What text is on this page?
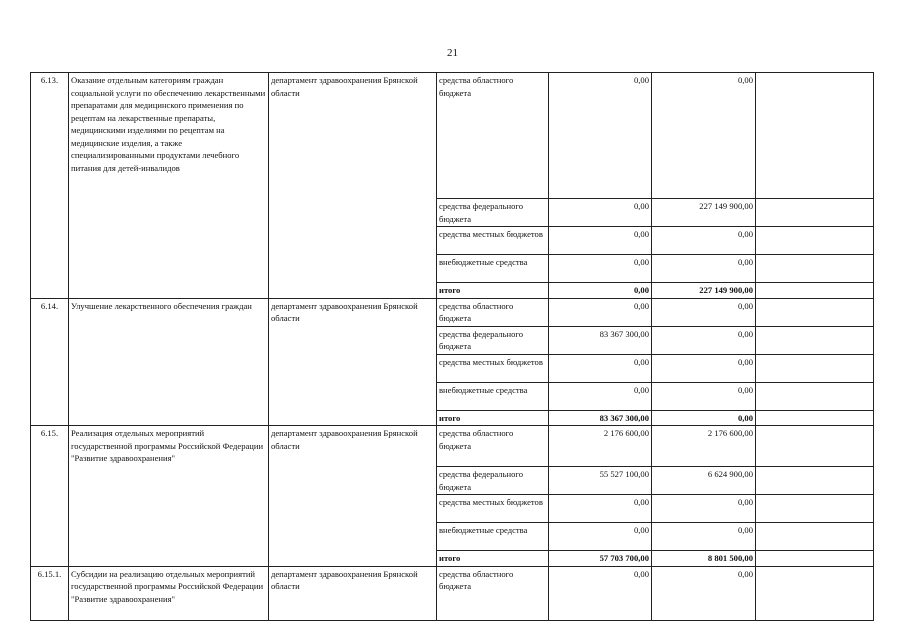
21
6.13.	Оказание отдельным категориям граждан социальной услуги по обеспечению лекарственными препаратами для медицинского применения по рецептам на лекарственные препараты, медицинскими изделиями по рецептам на медицинские изделия, а также специализированными продуктами лечебного питания для детей-инвалидов	департамент здравоохранения Брянской области	средства областного бюджета	0,00	0,00	
			средства федерального бюджета	0,00	227 149 900,00	
			средства местных бюджетов	0,00	0,00	
			внебюджетные средства	0,00	0,00	
			итого	0,00	227 149 900,00	
6.14.	Улучшение лекарственного обеспечения граждан	департамент здравоохранения Брянской области	средства областного бюджета	0,00	0,00	
			средства федерального бюджета	83 367 300,00	0,00	
			средства местных бюджетов	0,00	0,00	
			внебюджетные средства	0,00	0,00	
			итого	83 367 300,00	0,00	
6.15.	Реализация отдельных мероприятий государственной программы Российской Федерации "Развитие здравоохранения"	департамент здравоохранения Брянской области	средства областного бюджета	2 176 600,00	2 176 600,00	
			средства федерального бюджета	55 527 100,00	6 624 900,00	
			средства местных бюджетов	0,00	0,00	
			внебюджетные средства	0,00	0,00	
			итого	57 703 700,00	8 801 500,00	
6.15.1.	Субсидии на реализацию отдельных мероприятий государственной программы Российской Федерации "Развитие здравоохранения"	департамент здравоохранения Брянской области	средства областного бюджета	0,00	0,00	
